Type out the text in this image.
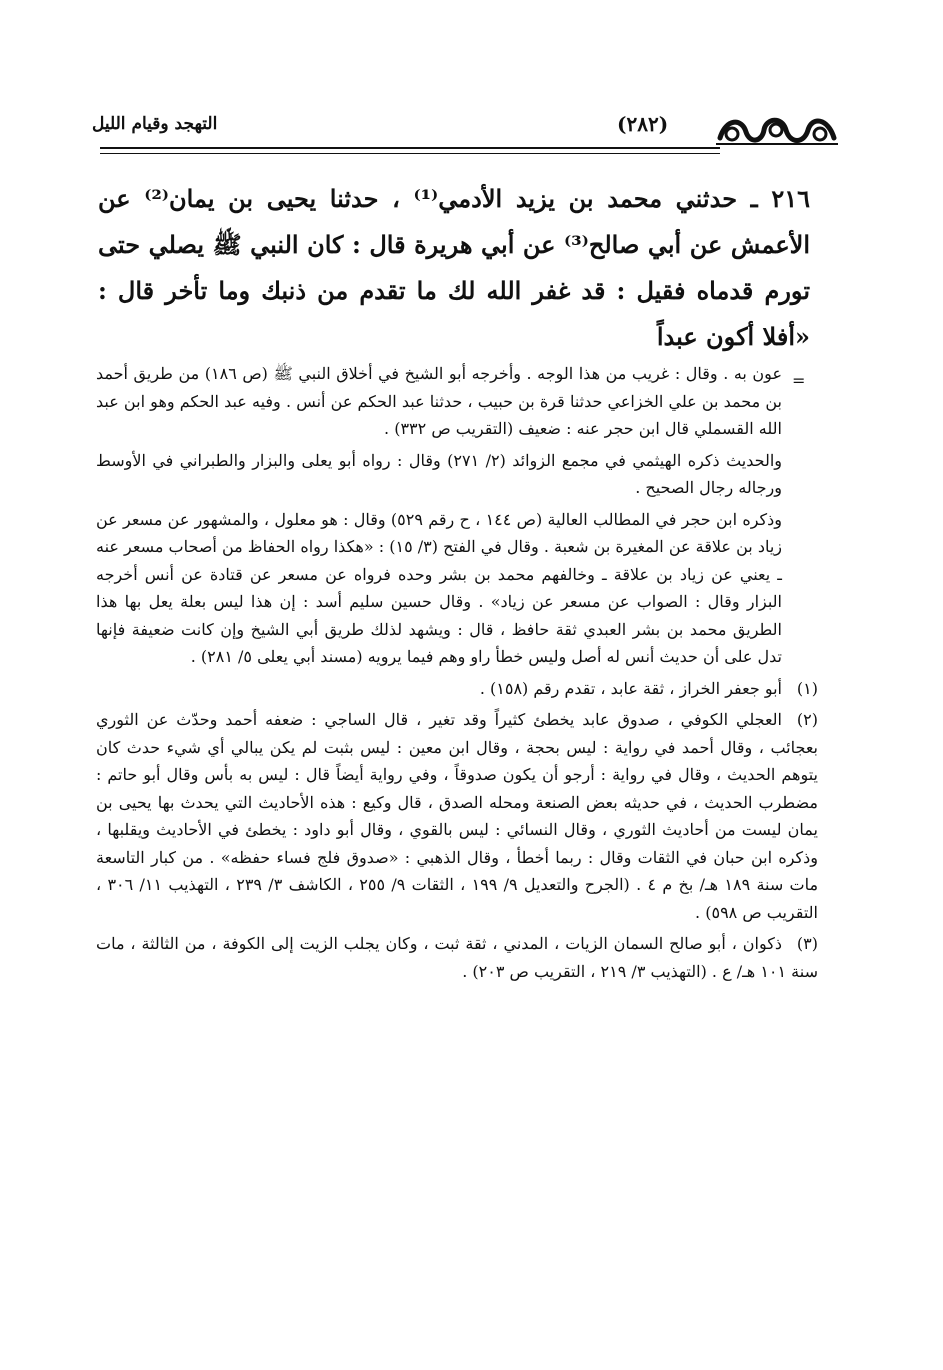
التهجد وقيام الليل	(٢٨٢)

٢١٦ ـ حدثني محمد بن يزيد الأدمي⁽¹⁾ ، حدثنا يحيى بن يمان⁽²⁾ عن الأعمش عن أبي صالح⁽³⁾ عن أبي هريرة قال : كان النبي ﷺ يصلي حتى تورم قدماه فقيل : قد غفر الله لك ما تقدم من ذنبك وما تأخر قال : «أفلا أكون عبداً

=

عون به . وقال : غريب من هذا الوجه . وأخرجه أبو الشيخ في أخلاق النبي ﷺ (ص ١٨٦) من طريق أحمد بن محمد بن علي الخزاعي حدثنا قرة بن حبيب ، حدثنا عبد الحكم عن أنس . وفيه عبد الحكم وهو ابن عبد الله القسملي قال ابن حجر عنه : ضعيف (التقريب ص ٣٣٢) .

والحديث ذكره الهيثمي في مجمع الزوائد (٢/ ٢٧١) وقال : رواه أبو يعلى والبزار والطبراني في الأوسط ورجاله رجال الصحيح .

وذكره ابن حجر في المطالب العالية (ص ١٤٤ ، ح رقم ٥٢٩) وقال : هو معلول ، والمشهور عن مسعر عن زياد بن علاقة عن المغيرة بن شعبة . وقال في الفتح (٣/ ١٥) : «هكذا رواه الحفاظ من أصحاب مسعر عنه ـ يعني عن زياد بن علاقة ـ وخالفهم محمد بن بشر وحده فرواه عن مسعر عن قتادة عن أنس أخرجه البزار وقال : الصواب عن مسعر عن زياد» . وقال حسين سليم أسد : إن هذا ليس بعلة يعل بها هذا الطريق محمد بن بشر العبدي ثقة حافظ ، قال : ويشهد لذلك طريق أبي الشيخ وإن كانت ضعيفة فإنها تدل على أن حديث أنس له أصل وليس خطأ راو وهم فيما يرويه (مسند أبي يعلى ٥/ ٢٨١) .

(١)أبو جعفر الخراز ، ثقة عابد ، تقدم رقم (١٥٨) .

(٢)العجلي الكوفي ، صدوق عابد يخطئ كثيراً وقد تغير ، قال الساجي : ضعفه أحمد وحدّث عن الثوري بعجائب ، وقال أحمد في رواية : ليس بحجة ، وقال ابن معين : ليس بثبت لم يكن يبالي أي شيء حدث كان يتوهم الحديث ، وقال في رواية : أرجو أن يكون صدوقاً ، وفي رواية أيضاً قال : ليس به بأس وقال أبو حاتم : مضطرب الحديث ، في حديثه بعض الصنعة ومحله الصدق ، قال وكيع : هذه الأحاديث التي يحدث بها يحيى بن يمان ليست من أحاديث الثوري ، وقال النسائي : ليس بالقوي ، وقال أبو داود : يخطئ في الأحاديث ويقلبها ، وذكره ابن حبان في الثقات وقال : ربما أخطأ ، وقال الذهبي : «صدوق فلج فساء حفظه» . من كبار التاسعة مات سنة ١٨٩ هـ/ بخ م ٤ . (الجرح والتعديل ٩/ ١٩٩ ، الثقات ٩/ ٢٥٥ ، الكاشف ٣/ ٢٣٩ ، التهذيب ١١/ ٣٠٦ ، التقريب ص ٥٩٨) .

(٣)ذكوان ، أبو صالح السمان الزيات ، المدني ، ثقة ثبت ، وكان يجلب الزيت إلى الكوفة ، من الثالثة ، مات سنة ١٠١ هـ/ ع . (التهذيب ٣/ ٢١٩ ، التقريب ص ٢٠٣) .
